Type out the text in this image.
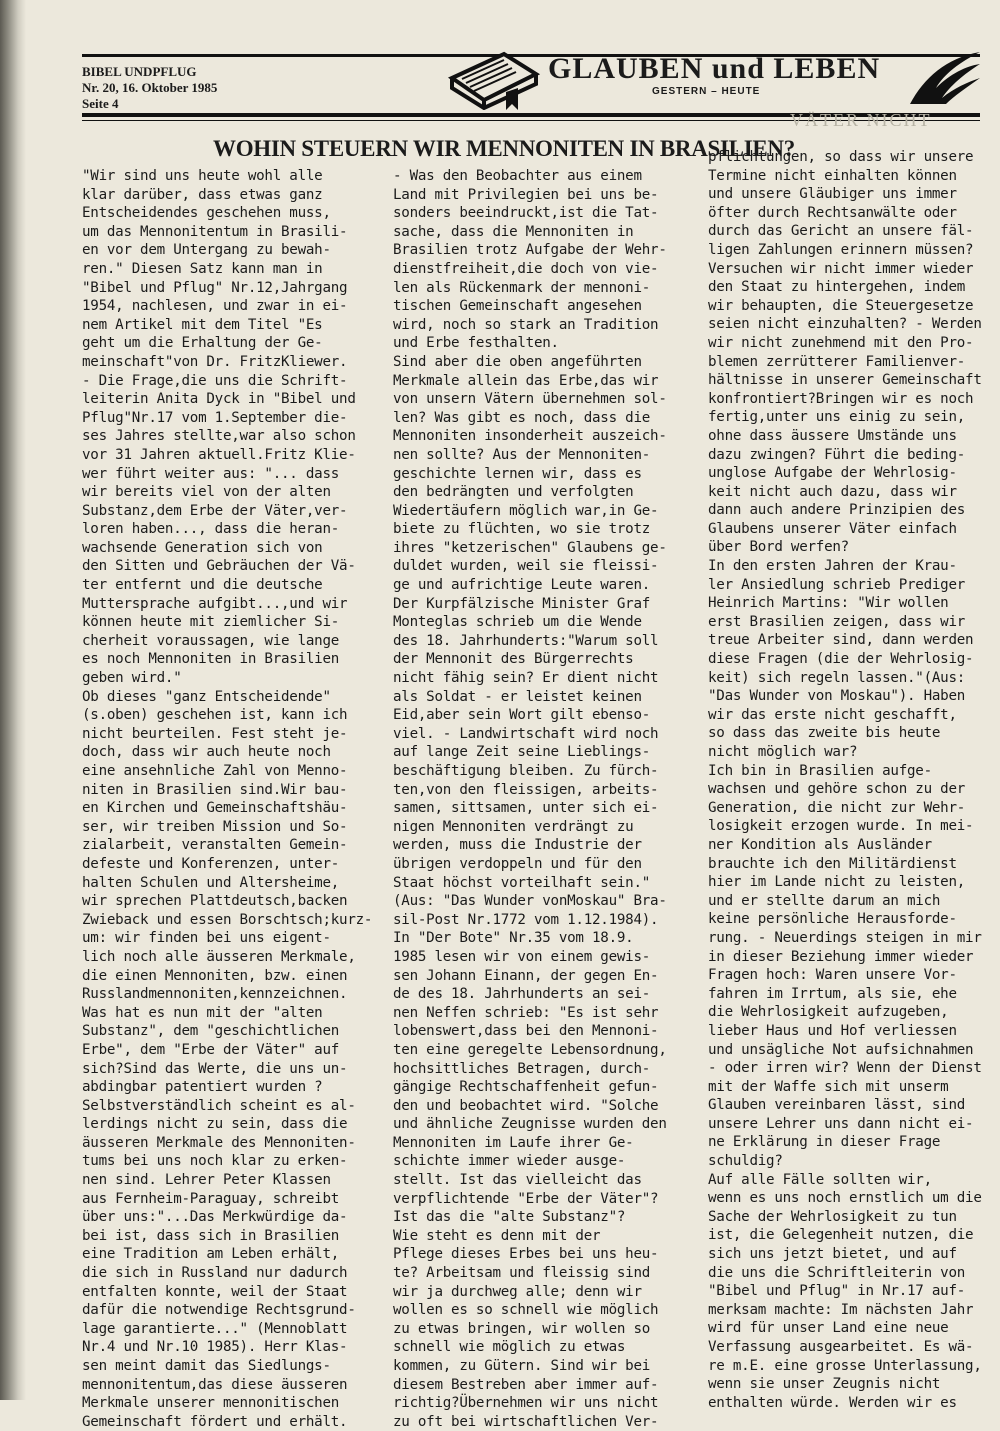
BIBEL UNDPFLUG
Nr. 20, 16. Oktober 1985
Seite 4
GLAUBEN und LEBEN
GESTERN – HEUTE
VÄTER NICHT
WOHIN STEUERN WIR MENNONITEN IN BRASILIEN?

"Wir sind uns heute wohl alle

klar darüber, dass etwas ganz

Entscheidendes geschehen muss,

um das Mennonitentum in Brasili-

en vor dem Untergang zu bewah-

ren." Diesen Satz kann man in

"Bibel und Pflug" Nr.12,Jahrgang

1954, nachlesen, und zwar in ei-

nem Artikel mit dem Titel "Es

geht um die Erhaltung der Ge-

meinschaft"von Dr. FritzKliewer.

- Die Frage,die uns die Schrift-

leiterin Anita Dyck in "Bibel und

Pflug"Nr.17 vom 1.September die-

ses Jahres stellte,war also schon

vor 31 Jahren aktuell.Fritz Klie-

wer führt weiter aus: "... dass

wir bereits viel von der alten

Substanz,dem Erbe der Väter,ver-

loren haben..., dass die heran-

wachsende Generation sich von

den Sitten und Gebräuchen der Vä-

ter entfernt und die deutsche

Muttersprache aufgibt...,und wir

können heute mit ziemlicher Si-

cherheit voraussagen, wie lange

es noch Mennoniten in Brasilien

geben wird."

Ob dieses "ganz Entscheidende"

(s.oben) geschehen ist, kann ich

nicht beurteilen. Fest steht je-

doch, dass wir auch heute noch

eine ansehnliche Zahl von Menno-

niten in Brasilien sind.Wir bau-

en Kirchen und Gemeinschaftshäu-

ser, wir treiben Mission und So-

zialarbeit, veranstalten Gemein-

defeste und Konferenzen, unter-

halten Schulen und Altersheime,

wir sprechen Plattdeutsch,backen

Zwieback und essen Borschtsch;kurz-

um: wir finden bei uns eigent-

lich noch alle äusseren Merkmale,

die einen Mennoniten, bzw. einen

Russlandmennoniten,kennzeichnen.

Was hat es nun mit der "alten

Substanz", dem "geschichtlichen

Erbe", dem "Erbe der Väter" auf

sich?Sind das Werte, die uns un-

abdingbar patentiert wurden ?

Selbstverständlich scheint es al-

lerdings nicht zu sein, dass die

äusseren Merkmale des Mennoniten-

tums bei uns noch klar zu erken-

nen sind. Lehrer Peter Klassen

aus Fernheim-Paraguay, schreibt

über uns:"...Das Merkwürdige da-

bei ist, dass sich in Brasilien

eine Tradition am Leben erhält,

die sich in Russland nur dadurch

entfalten konnte, weil der Staat

dafür die notwendige Rechtsgrund-

lage garantierte..." (Mennoblatt

Nr.4 und Nr.10 1985). Herr Klas-

sen meint damit das Siedlungs-

mennonitentum,das diese äusseren

Merkmale unserer mennonitischen

Gemeinschaft fördert und erhält.

- Was den Beobachter aus einem

Land mit Privilegien bei uns be-

sonders beeindruckt,ist die Tat-

sache, dass die Mennoniten in

Brasilien trotz Aufgabe der Wehr-

dienstfreiheit,die doch von vie-

len als Rückenmark der mennoni-

tischen Gemeinschaft angesehen

wird, noch so stark an Tradition

und Erbe festhalten.

Sind aber die oben angeführten

Merkmale allein das Erbe,das wir

von unsern Vätern übernehmen sol-

len? Was gibt es noch, dass die

Mennoniten insonderheit auszeich-

nen sollte? Aus der Mennoniten-

geschichte lernen wir, dass es

den bedrängten und verfolgten

Wiedertäufern möglich war,in Ge-

biete zu flüchten, wo sie trotz

ihres "ketzerischen" Glaubens ge-

duldet wurden, weil sie fleissi-

ge und aufrichtige Leute waren.

Der Kurpfälzische Minister Graf

Monteglas schrieb um die Wende

des 18. Jahrhunderts:"Warum soll

der Mennonit des Bürgerrechts

nicht fähig sein? Er dient nicht

als Soldat - er leistet keinen

Eid,aber sein Wort gilt ebenso-

viel. - Landwirtschaft wird noch

auf lange Zeit seine Lieblings-

beschäftigung bleiben. Zu fürch-

ten,von den fleissigen, arbeits-

samen, sittsamen, unter sich ei-

nigen Mennoniten verdrängt zu

werden, muss die Industrie der

übrigen verdoppeln und für den

Staat höchst vorteilhaft sein."

(Aus: "Das Wunder vonMoskau" Bra-

sil-Post Nr.1772 vom 1.12.1984).

In "Der Bote" Nr.35 vom 18.9.

1985 lesen wir von einem gewis-

sen Johann Einann, der gegen En-

de des 18. Jahrhunderts an sei-

nen Neffen schrieb: "Es ist sehr

lobenswert,dass bei den Mennoni-

ten eine geregelte Lebensordnung,

hochsittliches Betragen, durch-

gängige Rechtschaffenheit gefun-

den und beobachtet wird. "Solche

und ähnliche Zeugnisse wurden den

Mennoniten im Laufe ihrer Ge-

schichte immer wieder ausge-

stellt. Ist das vielleicht das

verpflichtende "Erbe der Väter"?

Ist das die "alte Substanz"?

Wie steht es denn mit der

Pflege dieses Erbes bei uns heu-

te? Arbeitsam und fleissig sind

wir ja durchweg alle; denn wir

wollen es so schnell wie möglich

zu etwas bringen, wir wollen so

schnell wie möglich zu etwas

kommen, zu Gütern. Sind wir bei

diesem Bestreben aber immer auf-

richtig?Übernehmen wir uns nicht

zu oft bei wirtschaftlichen Ver-

pflichtungen, so dass wir unsere

Termine nicht einhalten können

und unsere Gläubiger uns immer

öfter durch Rechtsanwälte oder

durch das Gericht an unsere fäl-

ligen Zahlungen erinnern müssen?

Versuchen wir nicht immer wieder

den Staat zu hintergehen, indem

wir behaupten, die Steuergesetze

seien nicht einzuhalten? - Werden

wir nicht zunehmend mit den Pro-

blemen zerrütterer Familienver-

hältnisse in unserer Gemeinschaft

konfrontiert?Bringen wir es noch

fertig,unter uns einig zu sein,

ohne dass äussere Umstände uns

dazu zwingen? Führt die beding-

unglose Aufgabe der Wehrlosig-

keit nicht auch dazu, dass wir

dann auch andere Prinzipien des

Glaubens unserer Väter einfach

über Bord werfen?

In den ersten Jahren der Krau-

ler Ansiedlung schrieb Prediger

Heinrich Martins: "Wir wollen

erst Brasilien zeigen, dass wir

treue Arbeiter sind, dann werden

diese Fragen (die der Wehrlosig-

keit) sich regeln lassen."(Aus:

"Das Wunder von Moskau"). Haben

wir das erste nicht geschafft,

so dass das zweite bis heute

nicht möglich war?

Ich bin in Brasilien aufge-

wachsen und gehöre schon zu der

Generation, die nicht zur Wehr-

losigkeit erzogen wurde. In mei-

ner Kondition als Ausländer

brauchte ich den Militärdienst

hier im Lande nicht zu leisten,

und er stellte darum an mich

keine persönliche Herausforde-

rung. - Neuerdings steigen in mir

in dieser Beziehung immer wieder

Fragen hoch: Waren unsere Vor-

fahren im Irrtum, als sie, ehe

die Wehrlosigkeit aufzugeben,

lieber Haus und Hof verliessen

und unsägliche Not aufsichnahmen

- oder irren wir? Wenn der Dienst

mit der Waffe sich mit unserm

Glauben vereinbaren lässt, sind

unsere Lehrer uns dann nicht ei-

ne Erklärung in dieser Frage

schuldig?

Auf alle Fälle sollten wir,

wenn es uns noch ernstlich um die

Sache der Wehrlosigkeit zu tun

ist, die Gelegenheit nutzen, die

sich uns jetzt bietet, und auf

die uns die Schriftleiterin von

"Bibel und Pflug" in Nr.17 auf-

merksam machte: Im nächsten Jahr

wird für unser Land eine neue

Verfassung ausgearbeitet. Es wä-

re m.E. eine grosse Unterlassung,

wenn sie unser Zeugnis nicht

enthalten würde. Werden wir es
